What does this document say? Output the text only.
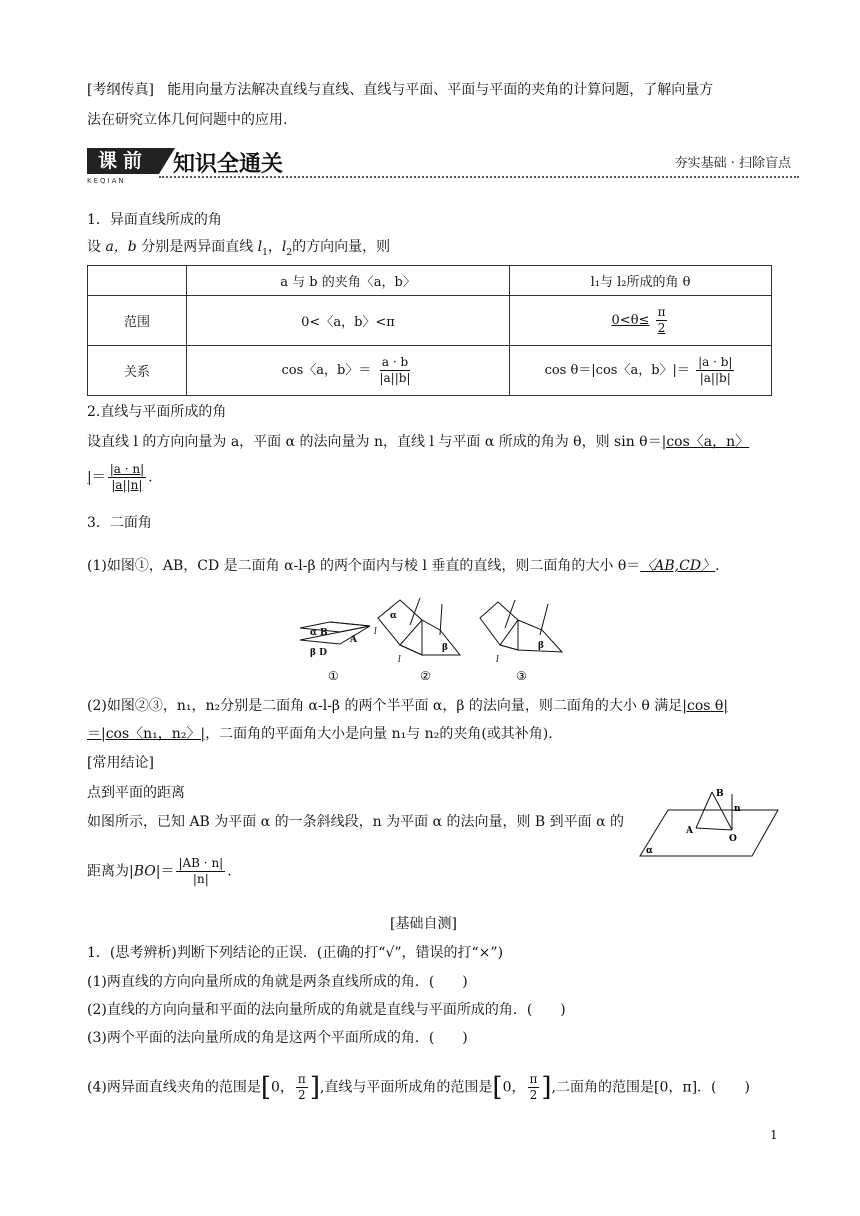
[考纲传真] 能用向量方法解决直线与直线、直线与平面、平面与平面的夹角的计算问题，了解向量方
法在研究立体几何问题中的应用.
课前
KEQIAN
知识全通关	夯实基础 · 扫除盲点
1．异面直线所成的角
设 a，b 分别是两异面直线 $l_1$，$l_2$的方向向量，则
	a 与 b 的夹角〈a，b〉	l₁与 l₂所成的角 θ
范围	0<〈a，b〉<π	$0<\theta\le \frac{\pi}{2}$

关系	cos〈a，b〉＝ $\frac{a \cdot b}{|a||b|}$	cos θ＝|cos〈a，b〉|＝ $\frac{|a \cdot b|}{|a||b|}$
2.直线与平面所成的角
设直线 l 的方向向量为 a，平面 α 的法向量为 n，直线 l 与平面 α 所成的角为 θ，则 sin θ＝|cos〈a，n〉
|＝ $\frac{|a \cdot n|}{|a||n|}$ .
3．二面角
(1)如图①，AB，CD 是二面角 α-l-β 的两个面内与棱 l 垂直的直线，则二面角的大小 θ＝〈AB,CD〉.
α B
β D
A
l
α
β
l
β
l
①	②	③
(2)如图②③，n₁，n₂分别是二面角 α-l-β 的两个半平面 α，β 的法向量，则二面角的大小 θ 满足|cos θ|
＝|cos〈n₁，n₂〉|，二面角的平面角大小是向量 n₁与 n₂的夹角(或其补角).
[常用结论]
点到平面的距离
如图所示，已知 AB 为平面 α 的一条斜线段，n 为平面 α 的法向量，则 B 到平面 α 的
距离为$|BO|= \frac{|AB \cdot n|}{|n|}$ .
B
n
A
O
α
[基础自测]
1．(思考辨析)判断下列结论的正误．(正确的打“√”，错误的打“×”)
(1)两直线的方向向量所成的角就是两条直线所成的角．(　　)
(2)直线的方向向量和平面的法向量所成的角就是直线与平面所成的角．(　　)
(3)两个平面的法向量所成的角是这两个平面所成的角．(　　)
(4)两异面直线夹角的范围是[0， $\frac{\pi}{2}$ ],直线与平面所成角的范围是[0， $\frac{\pi}{2}$ ],二面角的范围是[0，π]．(　　)
1
